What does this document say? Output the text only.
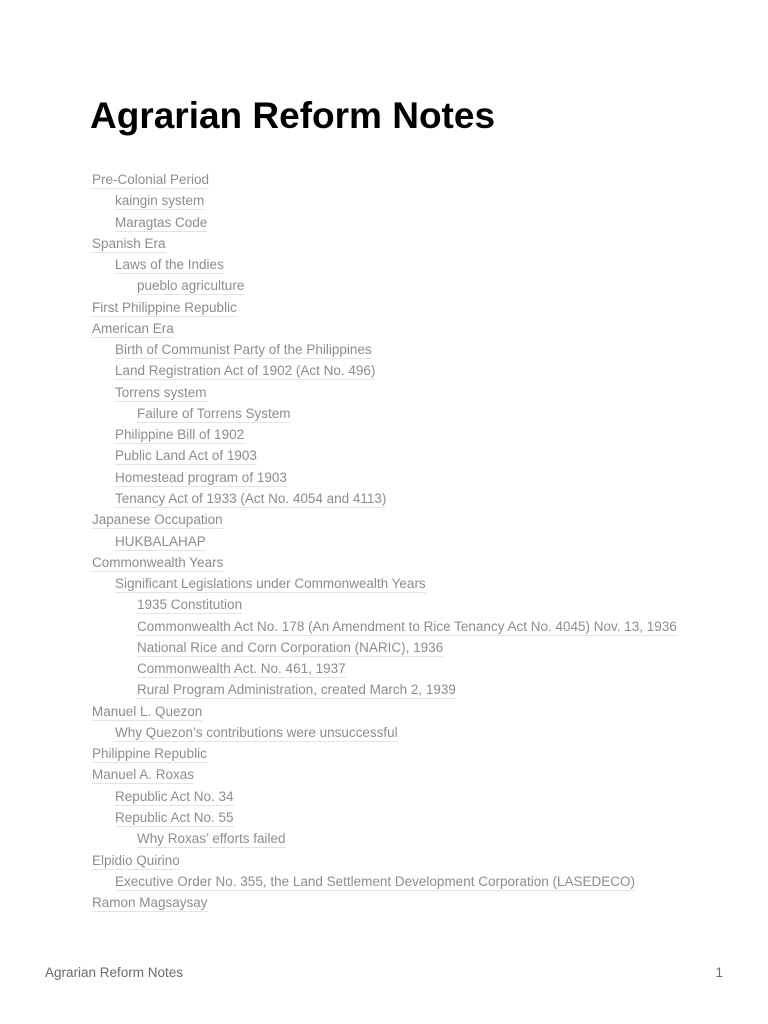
Agrarian Reform Notes
Pre-Colonial Period
kaingin system
Maragtas Code
Spanish Era
Laws of the Indies
pueblo agriculture
First Philippine Republic
American Era
Birth of Communist Party of the Philippines
Land Registration Act of 1902 (Act No. 496)
Torrens system
Failure of Torrens System
Philippine Bill of 1902
Public Land Act of 1903
Homestead program of 1903
Tenancy Act of 1933 (Act No. 4054 and 4113)
Japanese Occupation
HUKBALAHAP
Commonwealth Years
Significant Legislations under Commonwealth Years
1935 Constitution
Commonwealth Act No. 178 (An Amendment to Rice Tenancy Act No. 4045) Nov. 13, 1936
National Rice and Corn Corporation (NARIC), 1936
Commonwealth Act. No. 461, 1937
Rural Program Administration, created March 2, 1939
Manuel L. Quezon
Why Quezon’s contributions were unsuccessful
Philippine Republic
Manuel A. Roxas
Republic Act No. 34
Republic Act No. 55
Why Roxas’ efforts failed
Elpidio Quirino
Executive Order No. 355, the Land Settlement Development Corporation (LASEDECO)
Ramon Magsaysay
Agrarian Reform Notes	1
